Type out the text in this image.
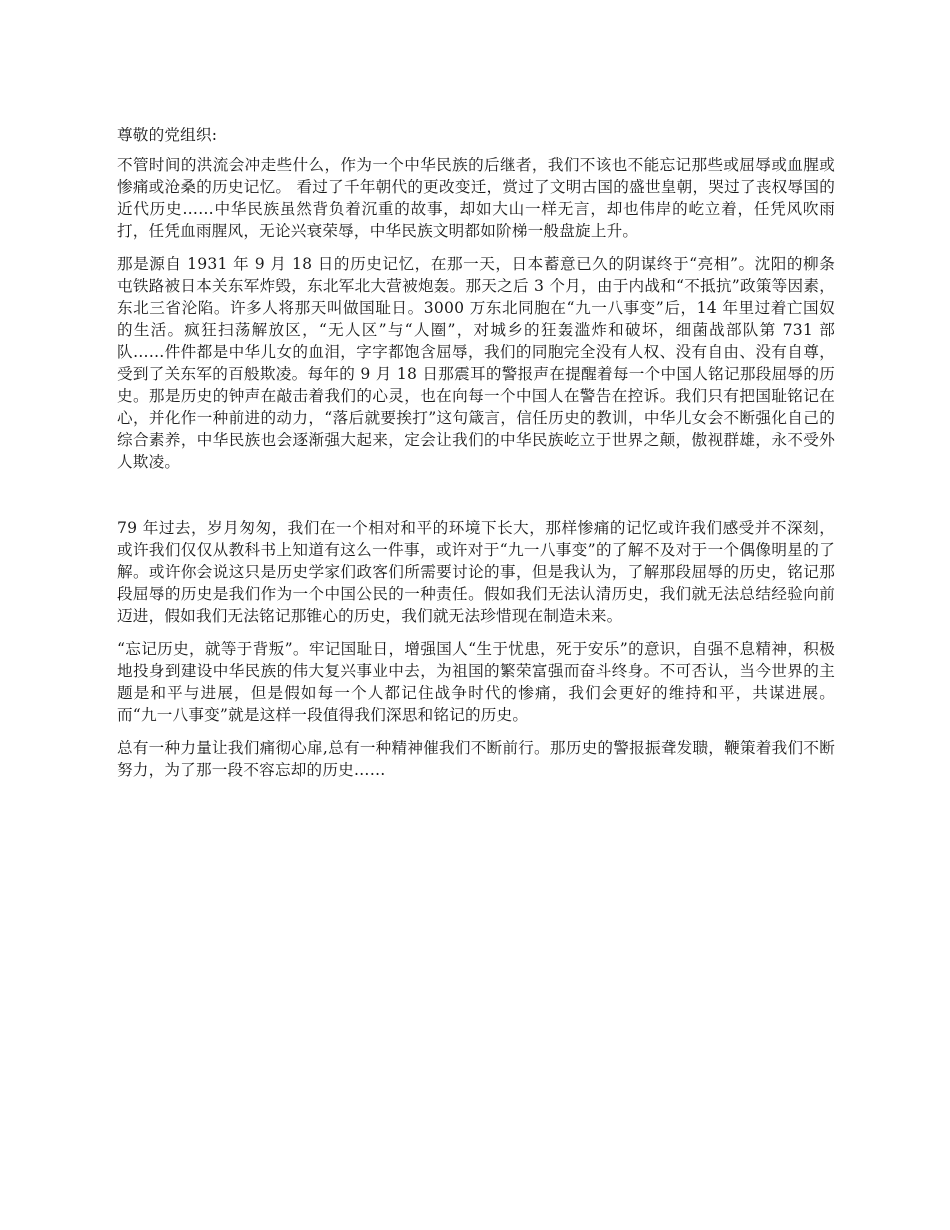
尊敬的党组织:

不管时间的洪流会冲走些什么，作为一个中华民族的后继者，我们不该也不能忘记那些或屈辱或血腥或惨痛或沧桑的历史记忆。 看过了千年朝代的更改变迁，赏过了文明古国的盛世皇朝，哭过了丧权辱国的近代历史……中华民族虽然背负着沉重的故事，却如大山一样无言，却也伟岸的屹立着，任凭风吹雨打，任凭血雨腥风，无论兴衰荣辱，中华民族文明都如阶梯一般盘旋上升。

那是源自 1931 年 9 月 18 日的历史记忆，在那一天，日本蓄意已久的阴谋终于“亮相”。沈阳的柳条屯铁路被日本关东军炸毁，东北军北大营被炮轰。那天之后 3 个月，由于内战和“不抵抗”政策等因素，东北三省沦陷。许多人将那天叫做国耻日。3000 万东北同胞在“九一八事变”后，14 年里过着亡国奴的生活。疯狂扫荡解放区，“无人区”与“人圈”，对城乡的狂轰滥炸和破坏，细菌战部队第 731 部队……件件都是中华儿女的血泪，字字都饱含屈辱，我们的同胞完全没有人权、没有自由、没有自尊，受到了关东军的百般欺凌。每年的 9 月 18 日那震耳的警报声在提醒着每一个中国人铭记那段屈辱的历史。那是历史的钟声在敲击着我们的心灵，也在向每一个中国人在警告在控诉。我们只有把国耻铭记在心，并化作一种前进的动力，“落后就要挨打”这句箴言，信任历史的教训，中华儿女会不断强化自己的综合素养，中华民族也会逐渐强大起来，定会让我们的中华民族屹立于世界之颠，傲视群雄，永不受外人欺凌。

79 年过去，岁月匆匆，我们在一个相对和平的环境下长大，那样惨痛的记忆或许我们感受并不深刻，或许我们仅仅从教科书上知道有这么一件事，或许对于“九一八事变”的了解不及对于一个偶像明星的了解。或许你会说这只是历史学家们政客们所需要讨论的事，但是我认为，了解那段屈辱的历史，铭记那段屈辱的历史是我们作为一个中国公民的一种责任。假如我们无法认清历史，我们就无法总结经验向前迈进，假如我们无法铭记那锥心的历史，我们就无法珍惜现在制造未来。

“忘记历史，就等于背叛”。牢记国耻日，增强国人“生于忧患，死于安乐”的意识，自强不息精神，积极地投身到建设中华民族的伟大复兴事业中去，为祖国的繁荣富强而奋斗终身。不可否认，当今世界的主题是和平与进展，但是假如每一个人都记住战争时代的惨痛，我们会更好的维持和平，共谋进展。而“九一八事变”就是这样一段值得我们深思和铭记的历史。

总有一种力量让我们痛彻心扉,总有一种精神催我们不断前行。那历史的警报振聋发聩，鞭策着我们不断努力，为了那一段不容忘却的历史……
